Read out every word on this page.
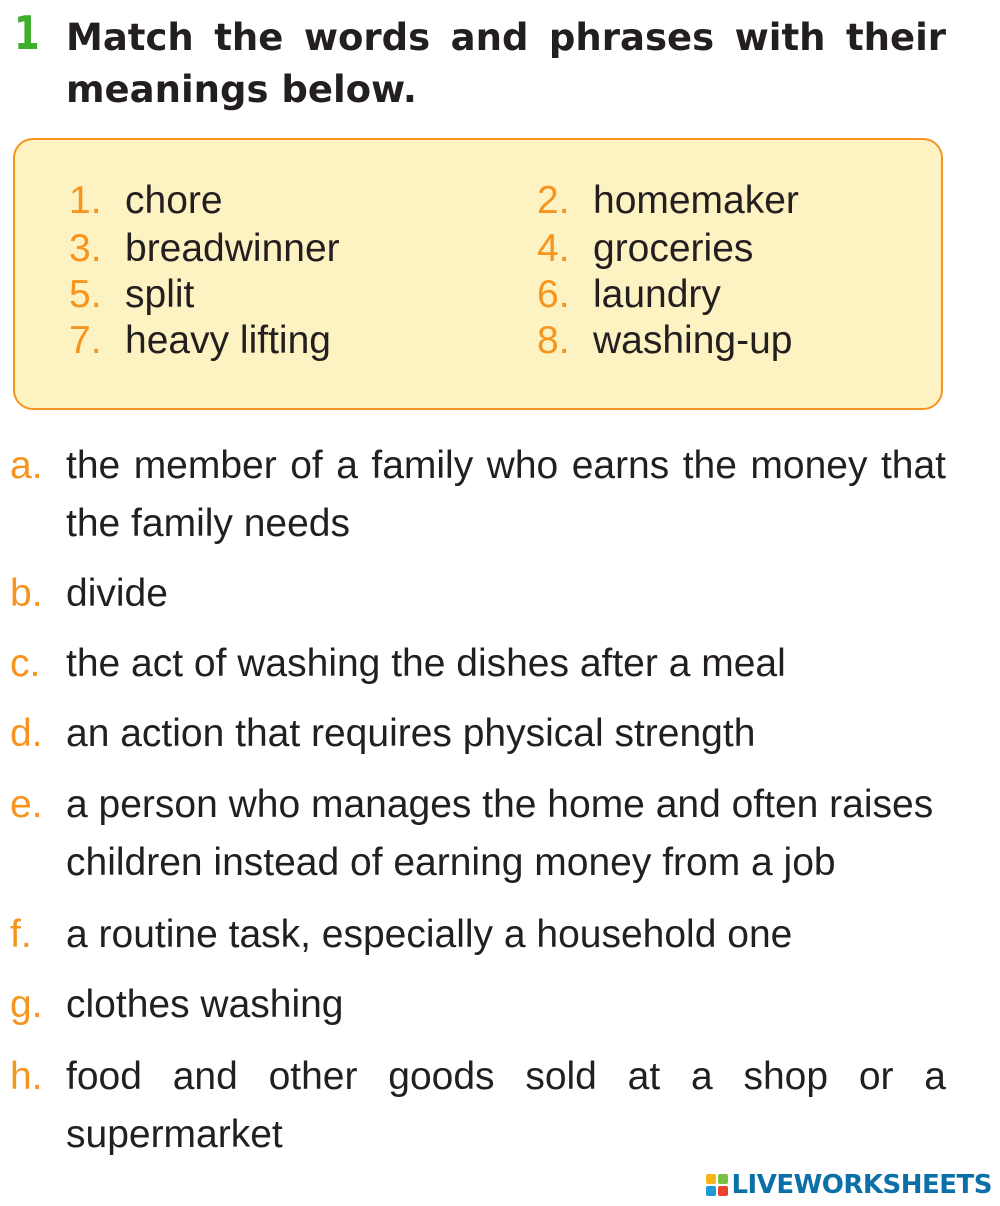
1 Match the words and phrases with their meanings below.

1. chore	2. homemaker
3. breadwinner	4. groceries
5. split	6. laundry
7. heavy lifting	8. washing-up
a. the member of a family who earns the money that the family needs
b. divide
c. the act of washing the dishes after a meal
d. an action that requires physical strength
e. a person who manages the home and often raises children instead of earning money from a job
f. a routine task, especially a household one
g. clothes washing
h. food and other goods sold at a shop or a supermarket
LIVEWORKSHEETS
